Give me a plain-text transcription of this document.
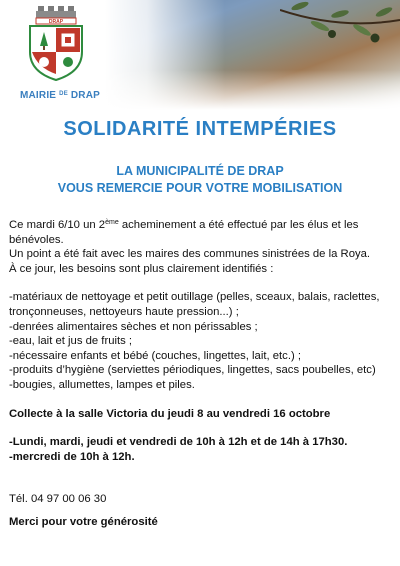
DRAP
MAIRIE $^{DE}$ DRAP
SOLIDARITÉ INTEMPÉRIES
LA MUNICIPALITÉ DE DRAP
VOUS REMERCIE POUR VOTRE MOBILISATION

Ce mardi 6/10 un 2ème acheminement a été effectué par les élus et les bénévoles.

Un point a été fait avec les maires des communes sinistrées de la Roya.

À ce jour, les besoins sont plus clairement identifiés :

-matériaux de nettoyage et petit outillage (pelles, sceaux, balais, raclettes, tronçonneuses, nettoyeurs haute pression...) ;

-denrées alimentaires sèches et non périssables ;

-eau, lait et jus de fruits ;

-nécessaire enfants et bébé (couches, lingettes, lait, etc.) ;

-produits d’hygiène (serviettes périodiques, lingettes, sacs poubelles, etc)

-bougies, allumettes, lampes et piles.

Collecte à la salle Victoria du jeudi 8 au vendredi 16 octobre

-Lundi, mardi, jeudi et vendredi de 10h à 12h et de 14h à 17h30.

-mercredi de 10h à 12h.

Tél. 04 97 00 06 30

Merci pour votre générosité
